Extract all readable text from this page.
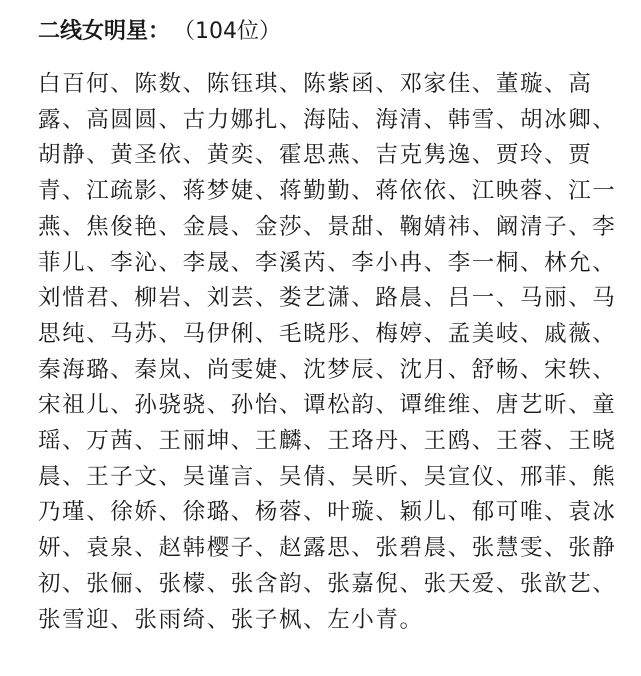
二线女明星： （104位）
白百何、陈数、陈钰琪、陈紫函、邓家佳、董璇、高
露、高圆圆、古力娜扎、海陆、海清、韩雪、胡冰卿、
胡静、黄圣依、黄奕、霍思燕、吉克隽逸、贾玲、贾
青、江疏影、蒋梦婕、蒋勤勤、蒋依依、江映蓉、江一
燕、焦俊艳、金晨、金莎、景甜、鞠婧祎、阚清子、李
菲儿、李沁、李晟、李溪芮、李小冉、李一桐、林允、
刘惜君、柳岩、刘芸、娄艺潇、路晨、吕一、马丽、马
思纯、马苏、马伊俐、毛晓彤、梅婷、孟美岐、戚薇、
秦海璐、秦岚、尚雯婕、沈梦辰、沈月、舒畅、宋轶、
宋祖儿、孙骁骁、孙怡、谭松韵、谭维维、唐艺昕、童
瑶、万茜、王丽坤、王麟、王珞丹、王鸥、王蓉、王晓
晨、王子文、吴谨言、吴倩、吴昕、吴宣仪、邢菲、熊
乃瑾、徐娇、徐璐、杨蓉、叶璇、颖儿、郁可唯、袁冰
妍、袁泉、赵韩樱子、赵露思、张碧晨、张慧雯、张静
初、张俪、张檬、张含韵、张嘉倪、张天爱、张歆艺、
张雪迎、张雨绮、张子枫、左小青。
